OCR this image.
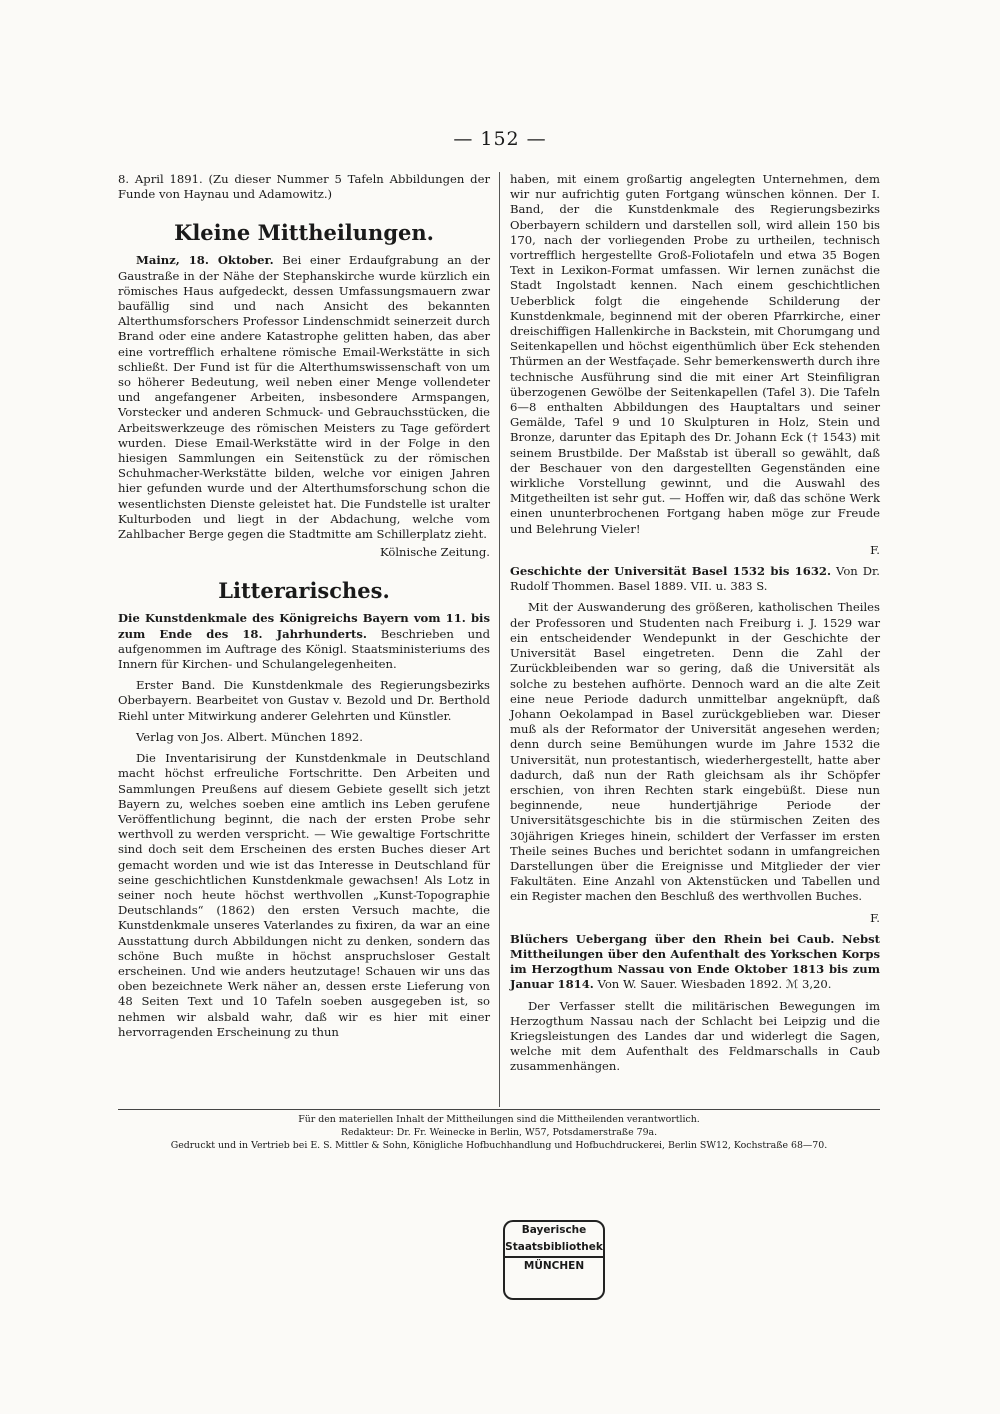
— 152 —

8. April 1891. (Zu dieser Nummer 5 Tafeln Abbildungen der Funde von Haynau und Adamowitz.)

Kleine Mittheilungen.

Mainz, 18. Oktober. Bei einer Erdaufgrabung an der Gaustraße in der Nähe der Stephanskirche wurde kürzlich ein römisches Haus aufgedeckt, dessen Umfassungsmauern zwar baufällig sind und nach Ansicht des bekannten Alterthumsforschers Professor Lindenschmidt seinerzeit durch Brand oder eine andere Katastrophe gelitten haben, das aber eine vortrefflich erhaltene römische Email-Werkstätte in sich schließt. Der Fund ist für die Alterthumswissenschaft von um so höherer Bedeutung, weil neben einer Menge vollendeter und angefangener Arbeiten, insbesondere Armspangen, Vorstecker und anderen Schmuck- und Gebrauchsstücken, die Arbeitswerkzeuge des römischen Meisters zu Tage gefördert wurden. Diese Email-Werkstätte wird in der Folge in den hiesigen Sammlungen ein Seitenstück zu der römischen Schuhmacher-Werkstätte bilden, welche vor einigen Jahren hier gefunden wurde und der Alterthumsforschung schon die wesentlichsten Dienste geleistet hat. Die Fundstelle ist uralter Kulturboden und liegt in der Abdachung, welche vom Zahlbacher Berge gegen die Stadtmitte am Schillerplatz zieht.

Kölnische Zeitung.

Litterarisches.

Die Kunstdenkmale des Königreichs Bayern vom 11. bis zum Ende des 18. Jahrhunderts. Beschrieben und aufgenommen im Auftrage des Königl. Staatsministeriums des Innern für Kirchen- und Schulangelegenheiten.

Erster Band. Die Kunstdenkmale des Regierungsbezirks Oberbayern. Bearbeitet von Gustav v. Bezold und Dr. Berthold Riehl unter Mitwirkung anderer Gelehrten und Künstler.

Verlag von Jos. Albert. München 1892.

Die Inventarisirung der Kunstdenkmale in Deutschland macht höchst erfreuliche Fortschritte. Den Arbeiten und Sammlungen Preußens auf diesem Gebiete gesellt sich jetzt Bayern zu, welches soeben eine amtlich ins Leben gerufene Veröffentlichung beginnt, die nach der ersten Probe sehr werthvoll zu werden verspricht. — Wie gewaltige Fortschritte sind doch seit dem Erscheinen des ersten Buches dieser Art gemacht worden und wie ist das Interesse in Deutschland für seine geschichtlichen Kunstdenkmale gewachsen! Als Lotz in seiner noch heute höchst werthvollen „Kunst-Topographie Deutschlands“ (1862) den ersten Versuch machte, die Kunstdenkmale unseres Vaterlandes zu fixiren, da war an eine Ausstattung durch Abbildungen nicht zu denken, sondern das schöne Buch mußte in höchst anspruchsloser Gestalt erscheinen. Und wie anders heutzutage! Schauen wir uns das oben bezeichnete Werk näher an, dessen erste Lieferung von 48 Seiten Text und 10 Tafeln soeben ausgegeben ist, so nehmen wir alsbald wahr, daß wir es hier mit einer hervorragenden Erscheinung zu thun

haben, mit einem großartig angelegten Unternehmen, dem wir nur aufrichtig guten Fortgang wünschen können. Der I. Band, der die Kunstdenkmale des Regierungsbezirks Oberbayern schildern und darstellen soll, wird allein 150 bis 170, nach der vorliegenden Probe zu urtheilen, technisch vortrefflich hergestellte Groß-Foliotafeln und etwa 35 Bogen Text in Lexikon-Format umfassen. Wir lernen zunächst die Stadt Ingolstadt kennen. Nach einem geschichtlichen Ueberblick folgt die eingehende Schilderung der Kunstdenkmale, beginnend mit der oberen Pfarrkirche, einer dreischiffigen Hallenkirche in Backstein, mit Chorumgang und Seitenkapellen und höchst eigenthümlich über Eck stehenden Thürmen an der Westfaçade. Sehr bemerkenswerth durch ihre technische Ausführung sind die mit einer Art Steinfiligran überzogenen Gewölbe der Seitenkapellen (Tafel 3). Die Tafeln 6—8 enthalten Abbildungen des Hauptaltars und seiner Gemälde, Tafel 9 und 10 Skulpturen in Holz, Stein und Bronze, darunter das Epitaph des Dr. Johann Eck († 1543) mit seinem Brustbilde. Der Maßstab ist überall so gewählt, daß der Beschauer von den dargestellten Gegenständen eine wirkliche Vorstellung gewinnt, und die Auswahl des Mitgetheilten ist sehr gut. — Hoffen wir, daß das schöne Werk einen ununterbrochenen Fortgang haben möge zur Freude und Belehrung Vieler!

F.

Geschichte der Universität Basel 1532 bis 1632. Von Dr. Rudolf Thommen. Basel 1889. VII. u. 383 S.

Mit der Auswanderung des größeren, katholischen Theiles der Professoren und Studenten nach Freiburg i. J. 1529 war ein entscheidender Wendepunkt in der Geschichte der Universität Basel eingetreten. Denn die Zahl der Zurückbleibenden war so gering, daß die Universität als solche zu bestehen aufhörte. Dennoch ward an die alte Zeit eine neue Periode dadurch unmittelbar angeknüpft, daß Johann Oekolampad in Basel zurückgeblieben war. Dieser muß als der Reformator der Universität angesehen werden; denn durch seine Bemühungen wurde im Jahre 1532 die Universität, nun protestantisch, wiederhergestellt, hatte aber dadurch, daß nun der Rath gleichsam als ihr Schöpfer erschien, von ihren Rechten stark eingebüßt. Diese nun beginnende, neue hundertjährige Periode der Universitätsgeschichte bis in die stürmischen Zeiten des 30jährigen Krieges hinein, schildert der Verfasser im ersten Theile seines Buches und berichtet sodann in umfangreichen Darstellungen über die Ereignisse und Mitglieder der vier Fakultäten. Eine Anzahl von Aktenstücken und Tabellen und ein Register machen den Beschluß des werthvollen Buches.

F.

Blüchers Uebergang über den Rhein bei Caub. Nebst Mittheilungen über den Aufenthalt des Yorkschen Korps im Herzogthum Nassau von Ende Oktober 1813 bis zum Januar 1814. Von W. Sauer. Wiesbaden 1892. ℳ 3,20.

Der Verfasser stellt die militärischen Bewegungen im Herzogthum Nassau nach der Schlacht bei Leipzig und die Kriegsleistungen des Landes dar und widerlegt die Sagen, welche mit dem Aufenthalt des Feldmarschalls in Caub zusammenhängen.

Für den materiellen Inhalt der Mittheilungen sind die Mittheilenden verantwortlich.
Redakteur: Dr. Fr. Weinecke in Berlin, W57, Potsdamerstraße 79a.
Gedruckt und in Vertrieb bei E. S. Mittler & Sohn, Königliche Hofbuchhandlung und Hofbuchdruckerei, Berlin SW12, Kochstraße 68—70.
Bayerische
Staatsbibliothek
MÜNCHEN
